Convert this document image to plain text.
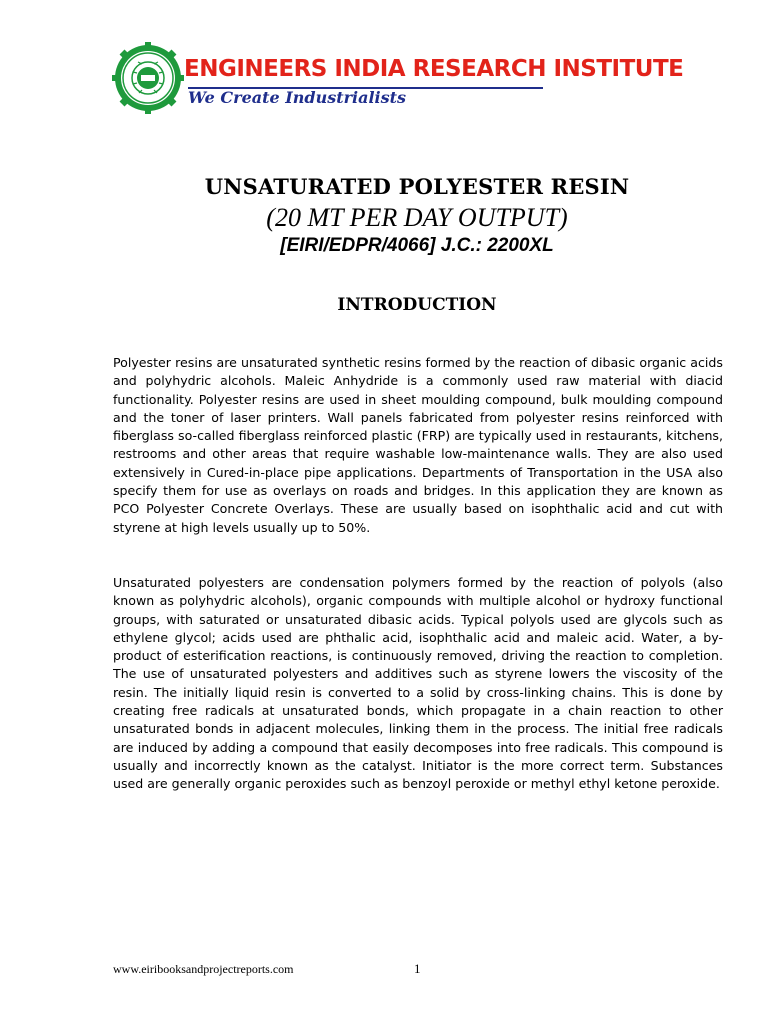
ENGINEERS INDIA RESEARCH INSTITUTE
We Create Industrialists
UNSATURATED POLYESTER RESIN
(20 MT PER DAY OUTPUT)
[EIRI/EDPR/4066] J.C.: 2200XL
INTRODUCTION

Polyester resins are unsaturated synthetic resins formed by the reaction of dibasic organic acids and polyhydric alcohols. Maleic Anhydride is a commonly used raw material with diacid functionality. Polyester resins are used in sheet moulding compound, bulk moulding compound and the toner of laser printers. Wall panels fabricated from polyester resins reinforced with fiberglass so-called fiberglass reinforced plastic (FRP) are typically used in restaurants, kitchens, restrooms and other areas that require washable low-maintenance walls. They are also used extensively in Cured-in-place pipe applications. Departments of Transportation in the USA also specify them for use as overlays on roads and bridges. In this application they are known as PCO Polyester Concrete Overlays. These are usually based on isophthalic acid and cut with styrene at high levels usually up to 50%.

Unsaturated polyesters are condensation polymers formed by the reaction of polyols (also known as polyhydric alcohols), organic compounds with multiple alcohol or hydroxy functional groups, with saturated or unsaturated dibasic acids. Typical polyols used are glycols such as ethylene glycol; acids used are phthalic acid, isophthalic acid and maleic acid. Water, a by-product of esterification reactions, is continuously removed, driving the reaction to completion. The use of unsaturated polyesters and additives such as styrene lowers the viscosity of the resin. The initially liquid resin is converted to a solid by cross-linking chains. This is done by creating free radicals at unsaturated bonds, which propagate in a chain reaction to other unsaturated bonds in adjacent molecules, linking them in the process. The initial free radicals are induced by adding a compound that easily decomposes into free radicals. This compound is usually and incorrectly known as the catalyst. Initiator is the more correct term. Substances used are generally organic peroxides such as benzoyl peroxide or methyl ethyl ketone peroxide.

www.eiribooksandprojectreports.com	1
